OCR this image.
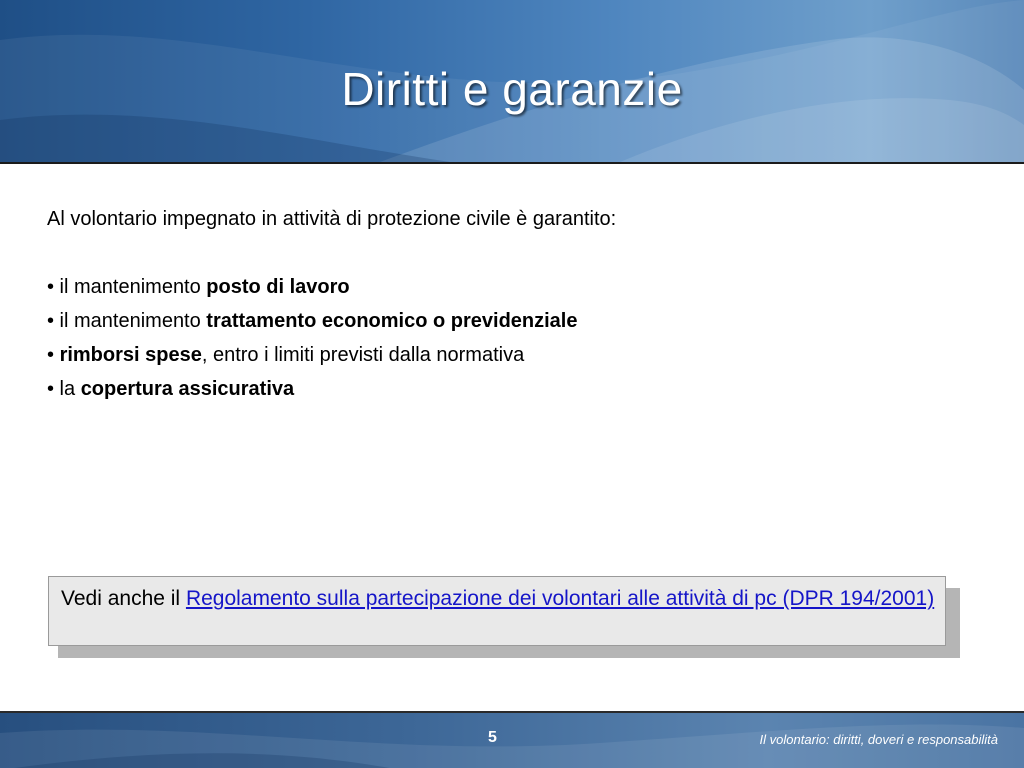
Diritti e garanzie
Al volontario impegnato in attività di protezione civile è garantito:
• il mantenimento posto di lavoro
• il mantenimento trattamento economico o previdenziale
• rimborsi spese, entro i limiti previsti dalla normativa
• la copertura assicurativa
Vedi anche il Regolamento sulla partecipazione dei volontari alle attività di pc (DPR 194/2001)
5	Il volontario: diritti, doveri e responsabilità
